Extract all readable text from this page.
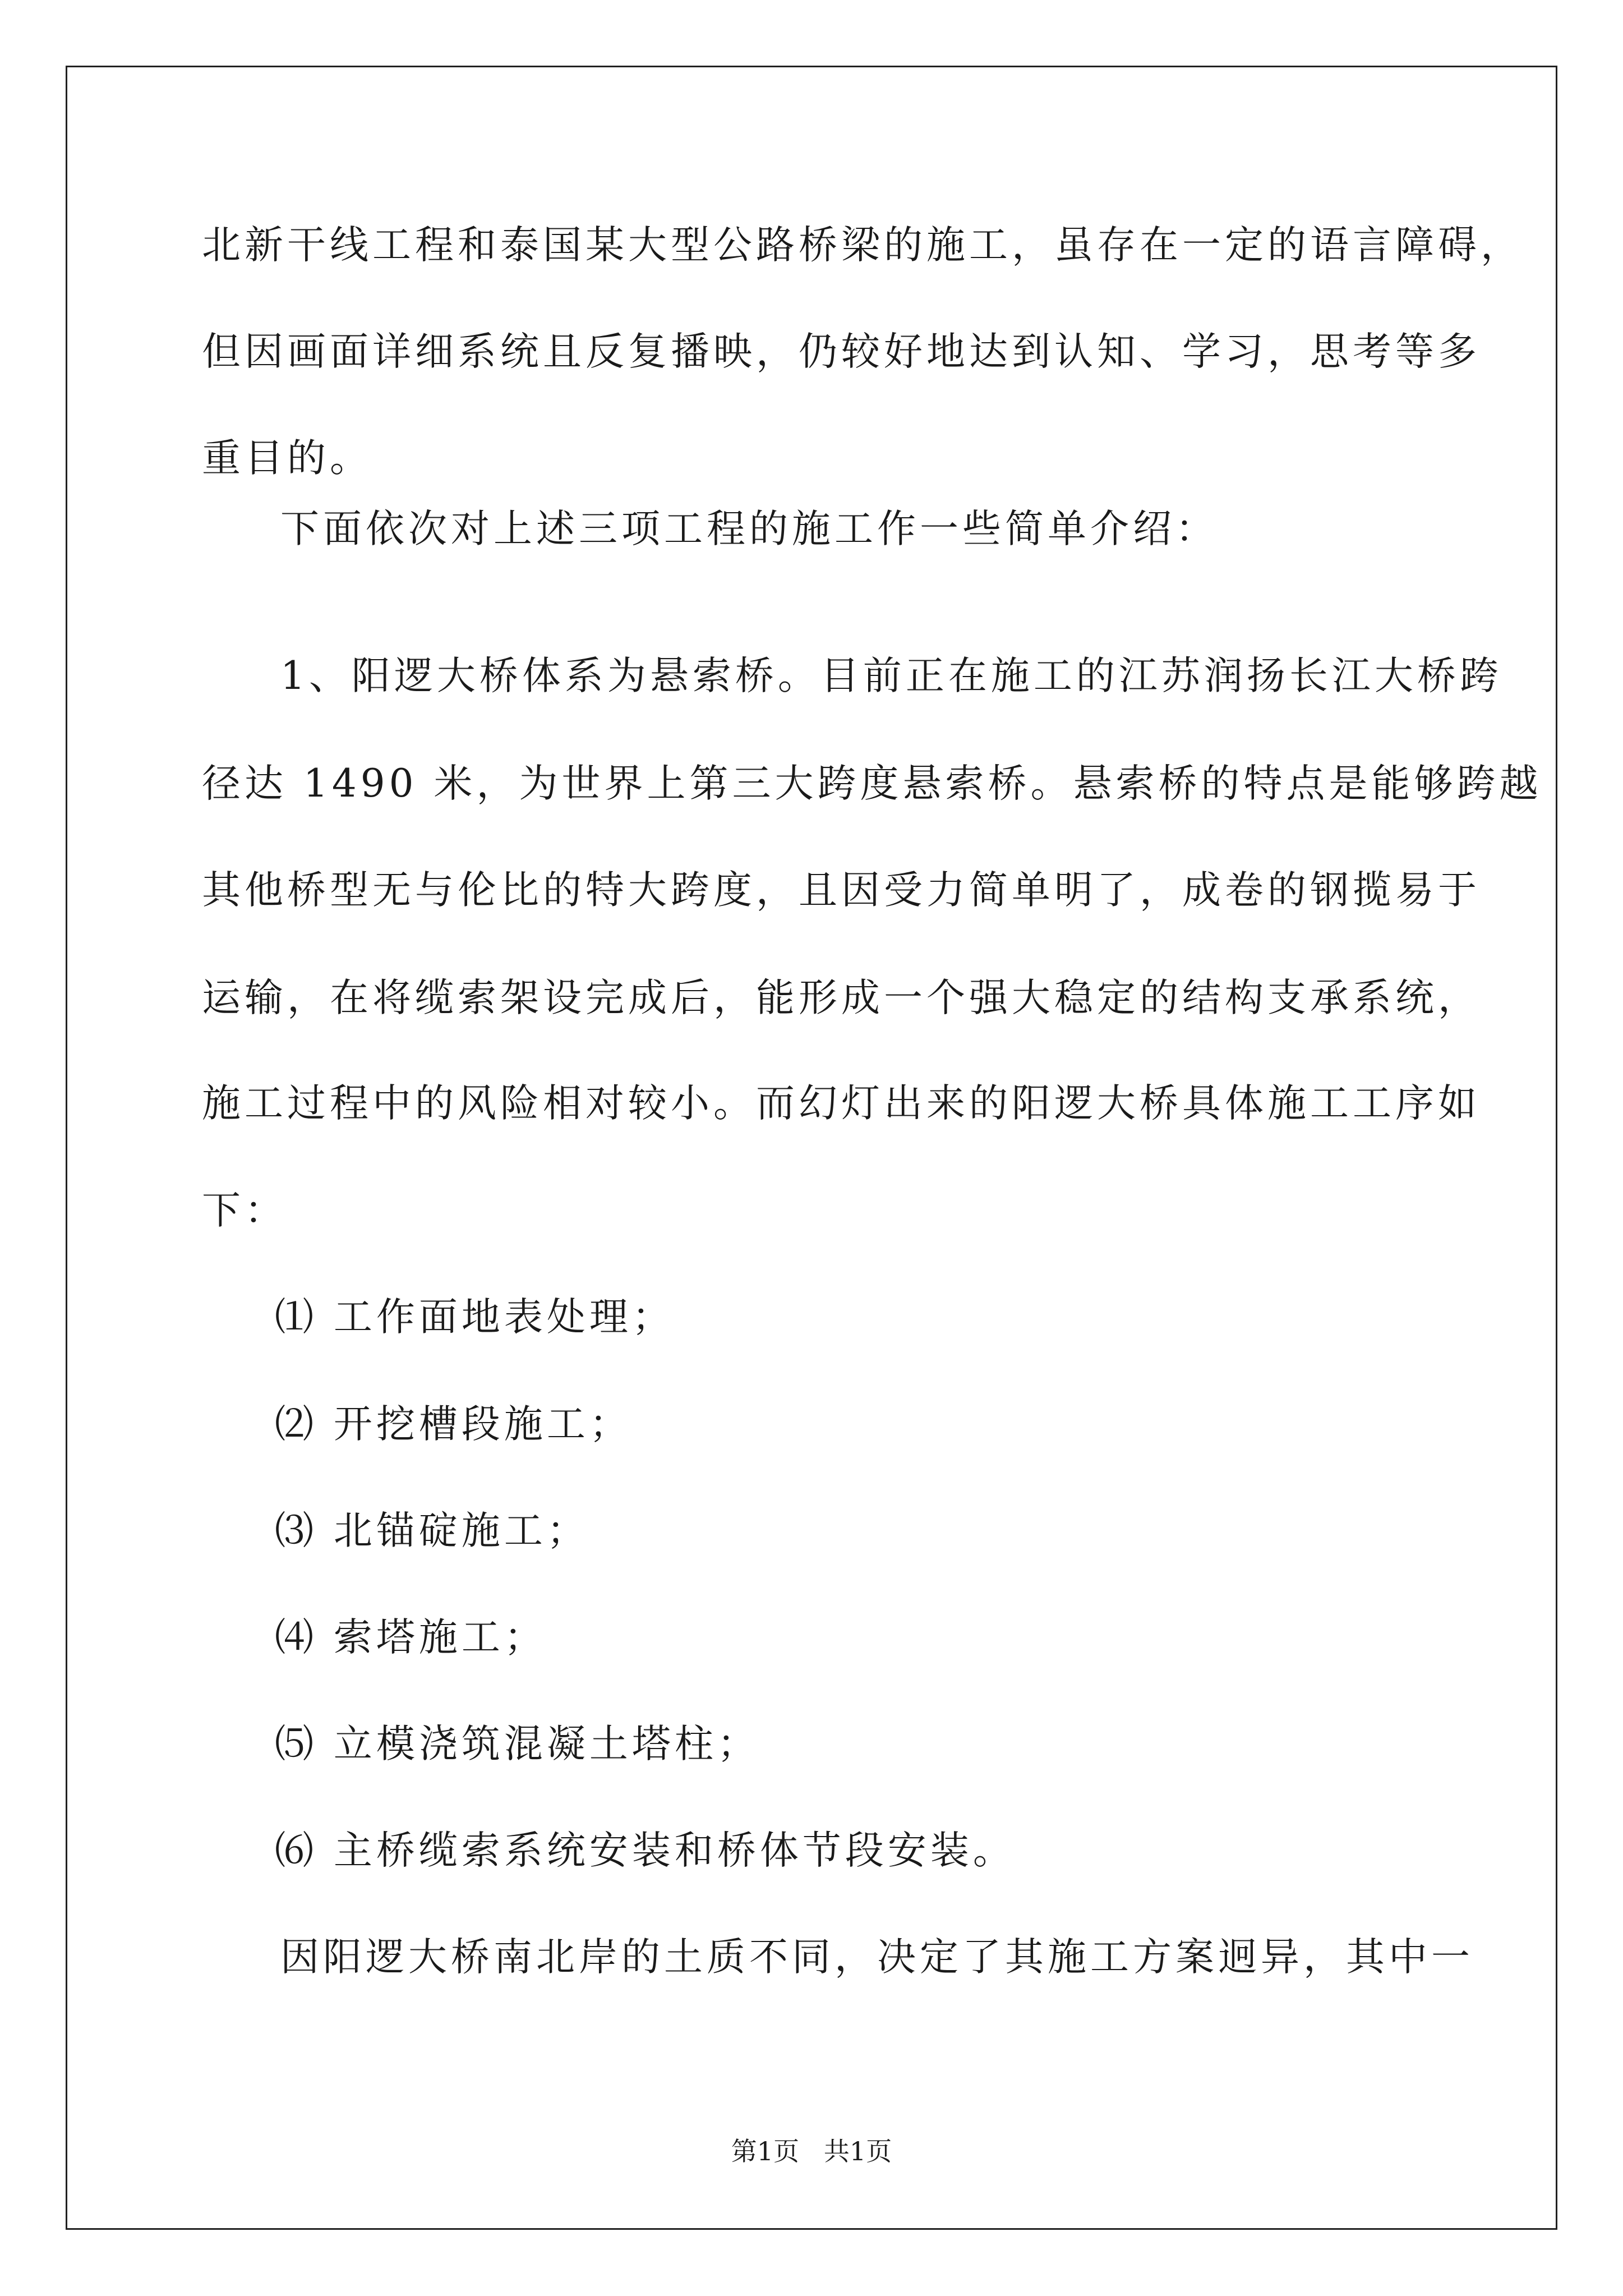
北新干线工程和泰国某大型公路桥梁的施工，虽存在一定的语言障碍，
但因画面详细系统且反复播映，仍较好地达到认知、学习，思考等多
重目的。
下面依次对上述三项工程的施工作一些简单介绍：
1、阳逻大桥体系为悬索桥。目前正在施工的江苏润扬长江大桥跨
径达 1490 米，为世界上第三大跨度悬索桥。悬索桥的特点是能够跨越
其他桥型无与伦比的特大跨度，且因受力简单明了，成卷的钢揽易于
运输，在将缆索架设完成后，能形成一个强大稳定的结构支承系统，
施工过程中的风险相对较小。而幻灯出来的阳逻大桥具体施工工序如
下：
⑴ 工作面地表处理；
⑵ 开挖槽段施工；
⑶ 北锚碇施工；
⑷ 索塔施工；
⑸ 立模浇筑混凝土塔柱；
⑹ 主桥缆索系统安装和桥体节段安装。
因阳逻大桥南北岸的土质不同，决定了其施工方案迥异，其中一
第1页   共1页
